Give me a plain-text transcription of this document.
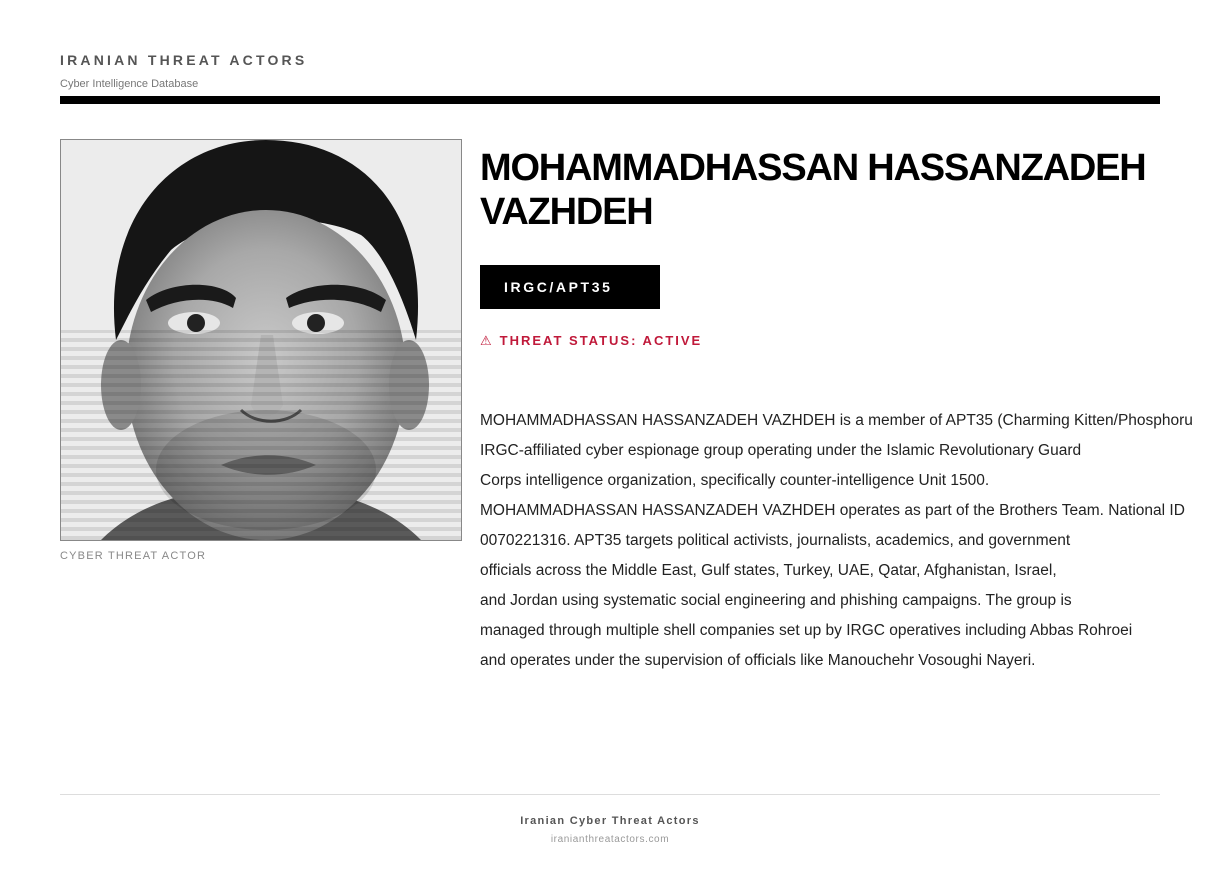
IRANIAN THREAT ACTORS
Cyber Intelligence Database
CYBER THREAT ACTOR
MOHAMMADHASSAN HASSANZADEH
VAZHDEH
IRGC/APT35
⚠ THREAT STATUS: ACTIVE
MOHAMMADHASSAN HASSANZADEH VAZHDEH is a member of APT35 (Charming Kitten/Phosphoru
IRGC-affiliated cyber espionage group operating under the Islamic Revolutionary Guard
Corps intelligence organization, specifically counter-intelligence Unit 1500.
MOHAMMADHASSAN HASSANZADEH VAZHDEH operates as part of the Brothers Team. National ID
0070221316. APT35 targets political activists, journalists, academics, and government
officials across the Middle East, Gulf states, Turkey, UAE, Qatar, Afghanistan, Israel,
and Jordan using systematic social engineering and phishing campaigns. The group is
managed through multiple shell companies set up by IRGC operatives including Abbas Rohroei
and operates under the supervision of officials like Manouchehr Vosoughi Nayeri.
Iranian Cyber Threat Actors
iranianthreatactors.com
